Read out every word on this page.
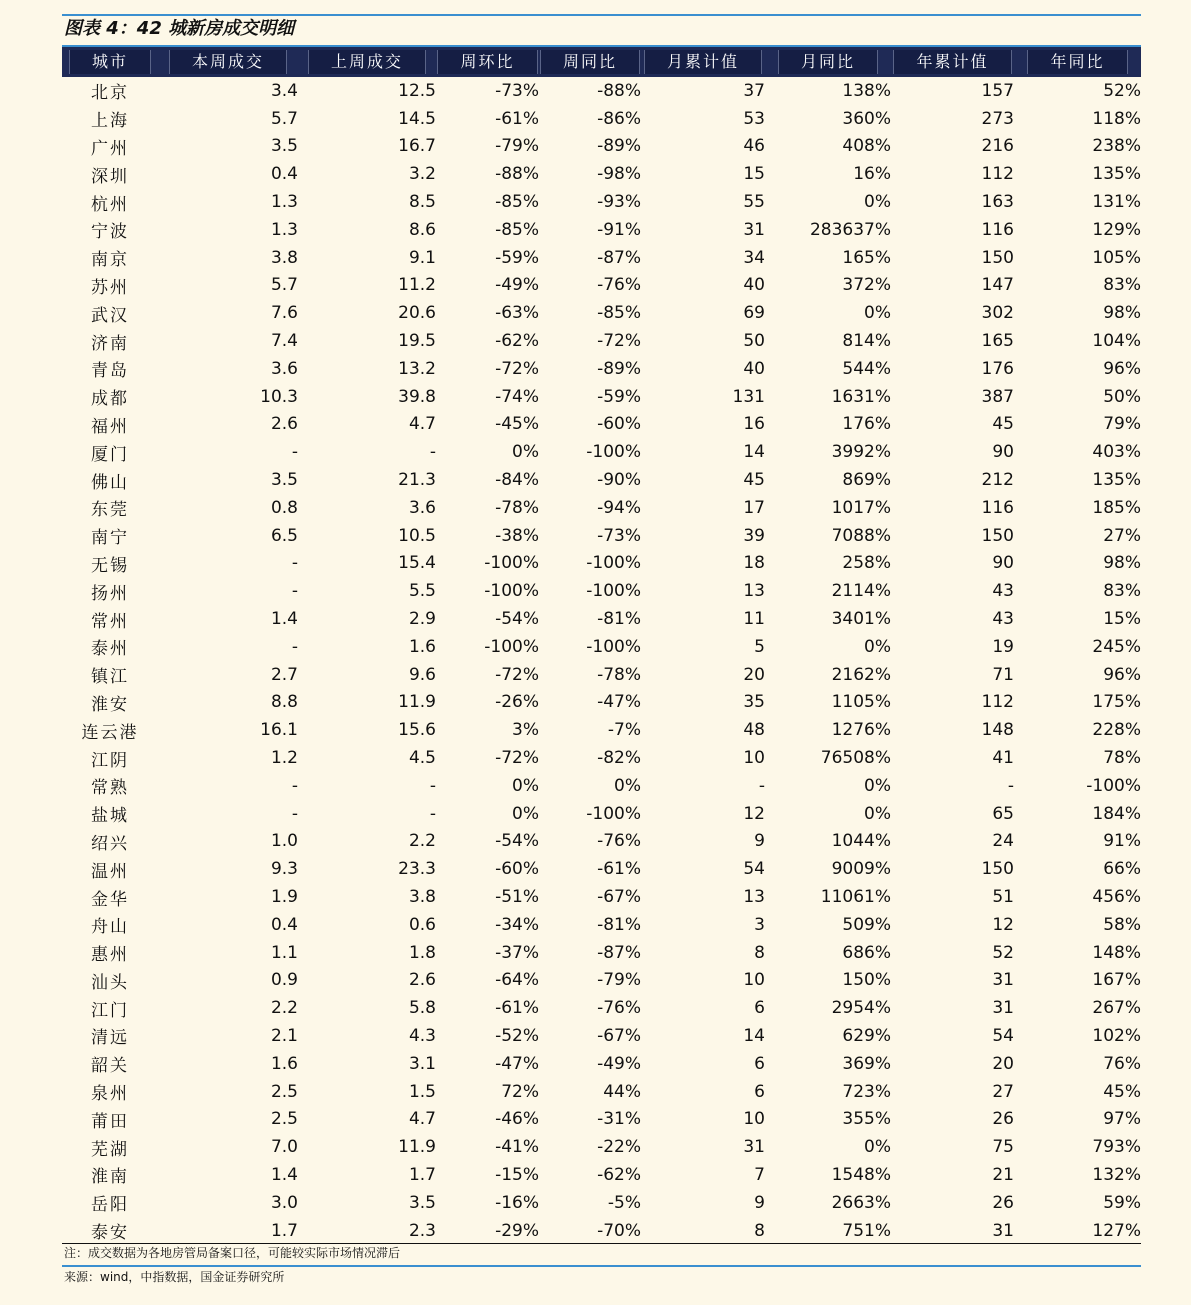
图表 4：42 城新房成交明细
城市	本周成交	上周成交	周环比	周同比	月累计值	月同比	年累计值	年同比
北京	3.4	12.5	-73%	-88%	37	138%	157	52%
上海	5.7	14.5	-61%	-86%	53	360%	273	118%
广州	3.5	16.7	-79%	-89%	46	408%	216	238%
深圳	0.4	3.2	-88%	-98%	15	16%	112	135%
杭州	1.3	8.5	-85%	-93%	55	0%	163	131%
宁波	1.3	8.6	-85%	-91%	31	283637%	116	129%
南京	3.8	9.1	-59%	-87%	34	165%	150	105%
苏州	5.7	11.2	-49%	-76%	40	372%	147	83%
武汉	7.6	20.6	-63%	-85%	69	0%	302	98%
济南	7.4	19.5	-62%	-72%	50	814%	165	104%
青岛	3.6	13.2	-72%	-89%	40	544%	176	96%
成都	10.3	39.8	-74%	-59%	131	1631%	387	50%
福州	2.6	4.7	-45%	-60%	16	176%	45	79%
厦门	-	-	0%	-100%	14	3992%	90	403%
佛山	3.5	21.3	-84%	-90%	45	869%	212	135%
东莞	0.8	3.6	-78%	-94%	17	1017%	116	185%
南宁	6.5	10.5	-38%	-73%	39	7088%	150	27%
无锡	-	15.4	-100%	-100%	18	258%	90	98%
扬州	-	5.5	-100%	-100%	13	2114%	43	83%
常州	1.4	2.9	-54%	-81%	11	3401%	43	15%
泰州	-	1.6	-100%	-100%	5	0%	19	245%
镇江	2.7	9.6	-72%	-78%	20	2162%	71	96%
淮安	8.8	11.9	-26%	-47%	35	1105%	112	175%
连云港	16.1	15.6	3%	-7%	48	1276%	148	228%
江阴	1.2	4.5	-72%	-82%	10	76508%	41	78%
常熟	-	-	0%	0%	-	0%	-	-100%
盐城	-	-	0%	-100%	12	0%	65	184%
绍兴	1.0	2.2	-54%	-76%	9	1044%	24	91%
温州	9.3	23.3	-60%	-61%	54	9009%	150	66%
金华	1.9	3.8	-51%	-67%	13	11061%	51	456%
舟山	0.4	0.6	-34%	-81%	3	509%	12	58%
惠州	1.1	1.8	-37%	-87%	8	686%	52	148%
汕头	0.9	2.6	-64%	-79%	10	150%	31	167%
江门	2.2	5.8	-61%	-76%	6	2954%	31	267%
清远	2.1	4.3	-52%	-67%	14	629%	54	102%
韶关	1.6	3.1	-47%	-49%	6	369%	20	76%
泉州	2.5	1.5	72%	44%	6	723%	27	45%
莆田	2.5	4.7	-46%	-31%	10	355%	26	97%
芜湖	7.0	11.9	-41%	-22%	31	0%	75	793%
淮南	1.4	1.7	-15%	-62%	7	1548%	21	132%
岳阳	3.0	3.5	-16%	-5%	9	2663%	26	59%
泰安	1.7	2.3	-29%	-70%	8	751%	31	127%
注：成交数据为各地房管局备案口径，可能较实际市场情况滞后
来源：wind，中指数据，国金证券研究所
